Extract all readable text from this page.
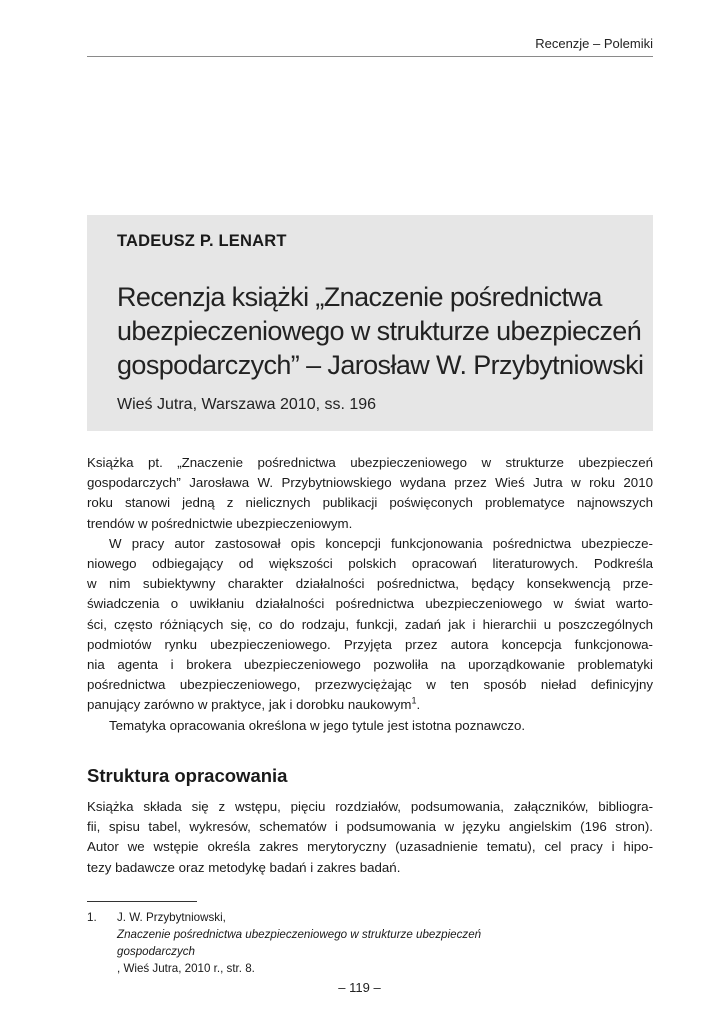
Recenzje – Polemiki
TADEUSZ P. LENART
Recenzja książki „Znaczenie pośrednictwa
ubezpieczeniowego w strukturze ubezpieczeń
gospodarczych” – Jarosław W. Przybytniowski
Wieś Jutra, Warszawa 2010, ss. 196

Książka pt. „Znaczenie pośrednictwa ubezpieczeniowego w strukturze ubezpieczeń
gospodarczych” Jarosława W. Przybytniowskiego wydana przez Wieś Jutra w roku 2010
roku stanowi jedną z nielicznych publikacji poświęconych problematyce najnowszych
trendów w pośrednictwie ubezpieczeniowym.

W pracy autor zastosował opis koncepcji funkcjonowania pośrednictwa ubezpiecze-
niowego odbiegający od większości polskich opracowań literaturowych. Podkreśla
w nim subiektywny charakter działalności pośrednictwa, będący konsekwencją prze-
świadczenia o uwikłaniu działalności pośrednictwa ubezpieczeniowego w świat warto-
ści, często różniących się, co do rodzaju, funkcji, zadań jak i hierarchii u poszczególnych
podmiotów rynku ubezpieczeniowego. Przyjęta przez autora koncepcja funkcjonowa-
nia agenta i brokera ubezpieczeniowego pozwoliła na uporządkowanie problematyki
pośrednictwa ubezpieczeniowego, przezwyciężając w ten sposób nieład definicyjny
panujący zarówno w praktyce, jak i dorobku naukowym$^1$.

Tematyka opracowania określona w jego tytule jest istotna poznawczo.

Struktura opracowania

Książka składa się z wstępu, pięciu rozdziałów, podsumowania, załączników, bibliogra-
fii, spisu tabel, wykresów, schematów i podsumowania w języku angielskim (196 stron).
Autor we wstępie określa zakres merytoryczny (uzasadnienie tematu), cel pracy i hipo-
tezy badawcze oraz metodykę badań i zakres badań.

1. J. W. Przybytniowski,
Znaczenie pośrednictwa ubezpieczeniowego w strukturze ubezpieczeń
gospodarczych
, Wieś Jutra, 2010 r., str. 8.
– 119 –
